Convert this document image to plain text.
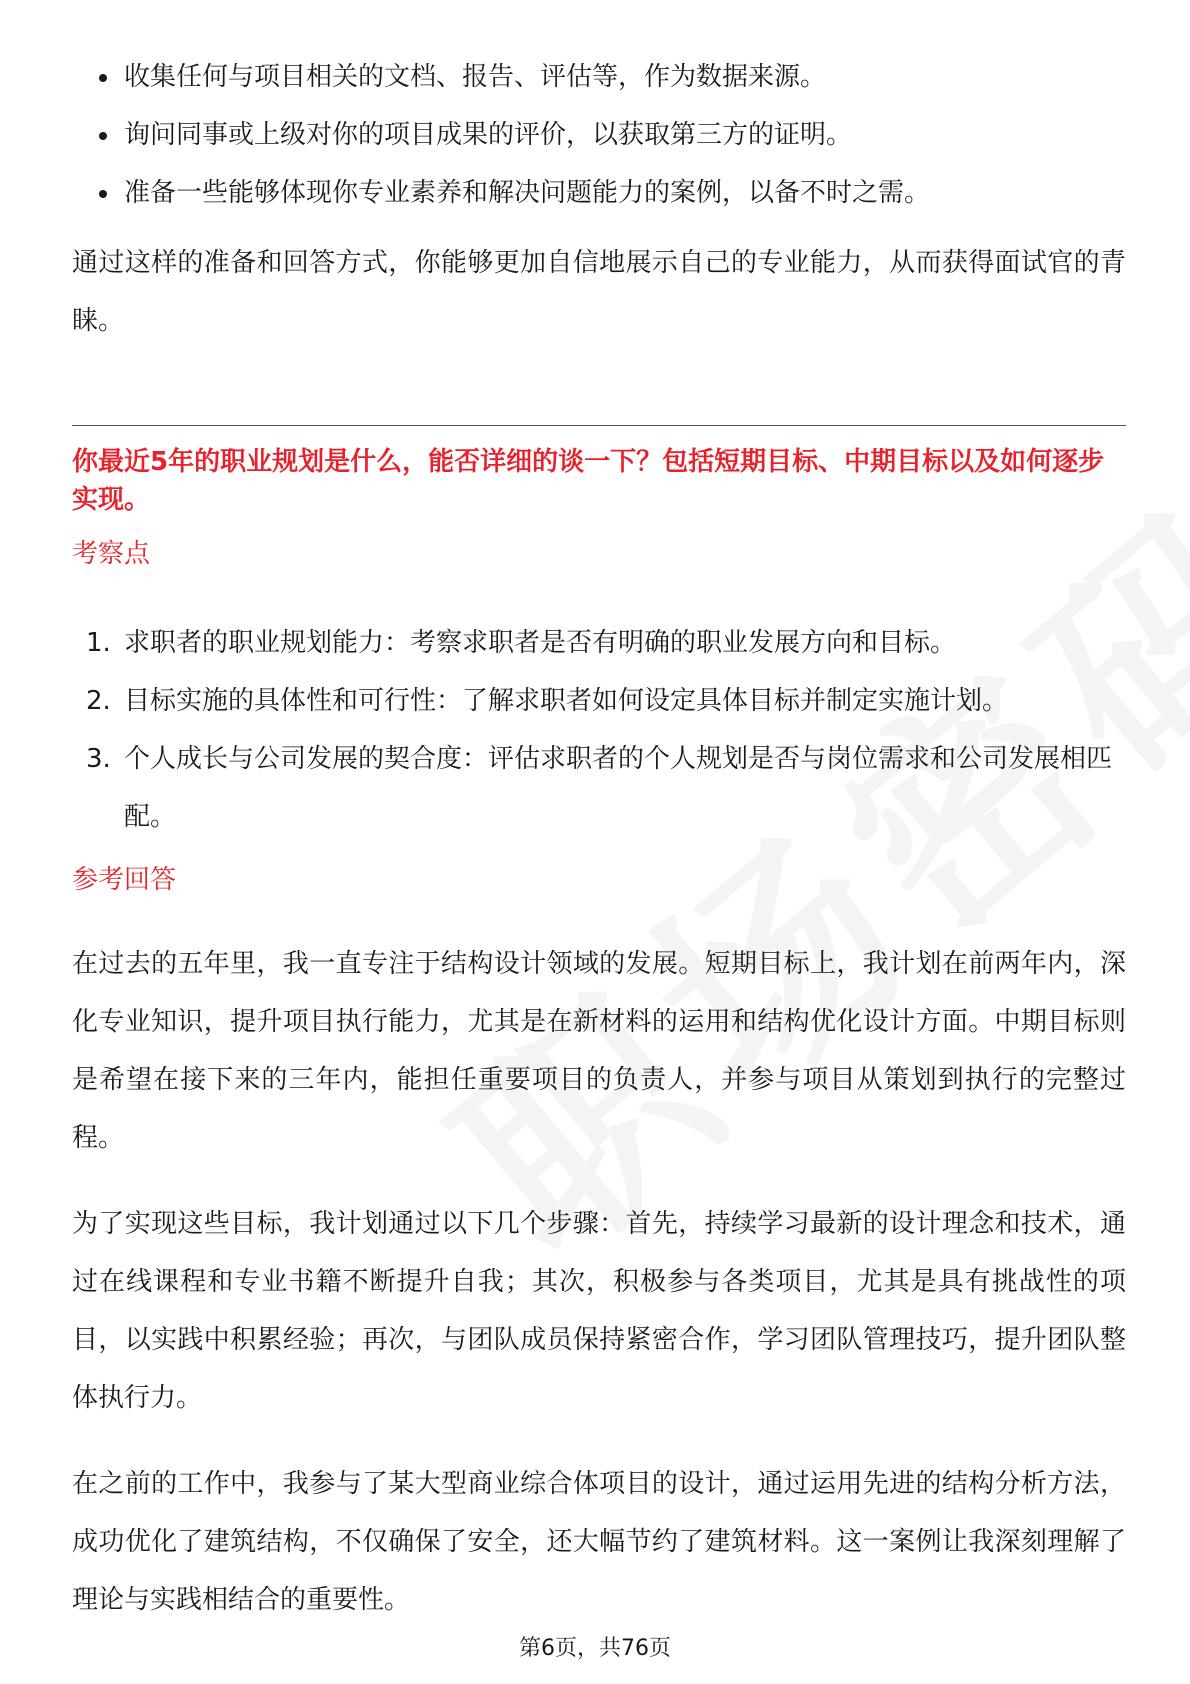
收集任何与项目相关的文档、报告、评估等，作为数据来源。
询问同事或上级对你的项目成果的评价，以获取第三方的证明。
准备一些能够体现你专业素养和解决问题能力的案例，以备不时之需。

通过这样的准备和回答方式，你能够更加自信地展示自己的专业能力，从而获得面试官的青睐。

你最近5年的职业规划是什么，能否详细的谈一下？包括短期目标、中期目标以及如何逐步实现。

考察点

1. 求职者的职业规划能力：考察求职者是否有明确的职业发展方向和目标。
2. 目标实施的具体性和可行性：了解求职者如何设定具体目标并制定实施计划。
3. 个人成长与公司发展的契合度：评估求职者的个人规划是否与岗位需求和公司发展相匹配。

参考回答

在过去的五年里，我一直专注于结构设计领域的发展。短期目标上，我计划在前两年内，深化专业知识，提升项目执行能力，尤其是在新材料的运用和结构优化设计方面。中期目标则是希望在接下来的三年内，能担任重要项目的负责人，并参与项目从策划到执行的完整过程。

为了实现这些目标，我计划通过以下几个步骤：首先，持续学习最新的设计理念和技术，通过在线课程和专业书籍不断提升自我；其次，积极参与各类项目，尤其是具有挑战性的项目，以实践中积累经验；再次，与团队成员保持紧密合作，学习团队管理技巧，提升团队整体执行力。

在之前的工作中，我参与了某大型商业综合体项目的设计，通过运用先进的结构分析方法，成功优化了建筑结构，不仅确保了安全，还大幅节约了建筑材料。这一案例让我深刻理解了理论与实践相结合的重要性。

第6页，共76页
